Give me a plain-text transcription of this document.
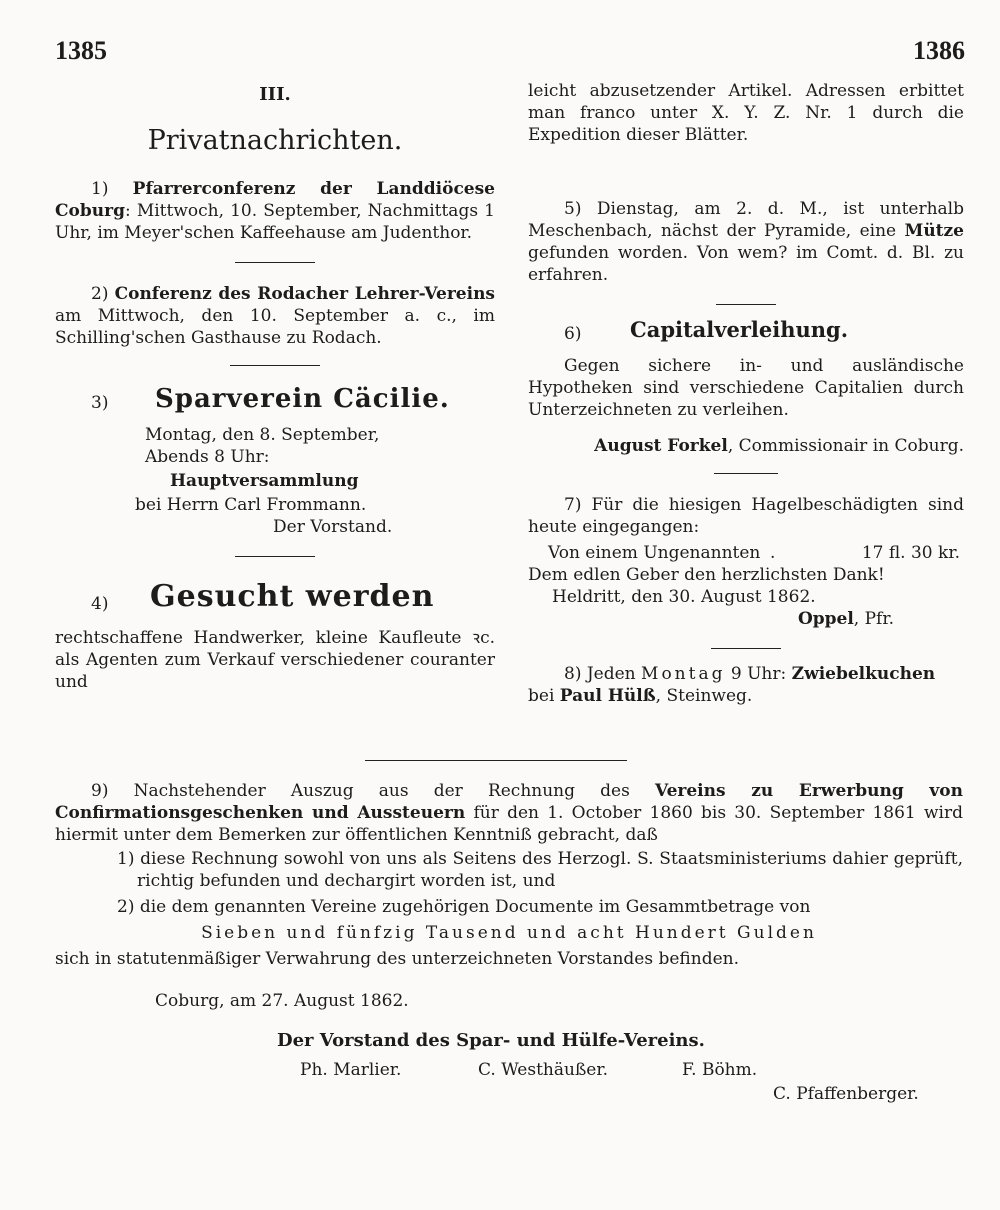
1385	1386

III.

Privatnachrichten.

1) Pfarrerconferenz der Landdiöcese Coburg: Mittwoch, 10. September, Nachmittags 1 Uhr, im Meyer'schen Kaffeehause am Judenthor.

2) Conferenz des Rodacher Lehrer-Vereins am Mittwoch, den 10. September a. c., im Schilling'schen Gasthause zu Rodach.

3) Sparverein Cäcilie.
Montag, den 8. September,
Abends 8 Uhr:
Hauptversammlung
bei Herrn Carl Frommann.
Der Vorstand.
4) Gesucht werden

rechtschaffene Handwerker, kleine Kaufleute ꝛc. als Agenten zum Verkauf verschiedener couranter und

leicht abzusetzender Artikel. Adressen erbittet man franco unter X. Y. Z. Nr. 1 durch die Expedition dieser Blätter.

5) Dienstag, am 2. d. M., ist unterhalb Meschenbach, nächst der Pyramide, eine Mütze gefunden worden. Von wem? im Comt. d. Bl. zu erfahren.

6) Capitalverleihung.

Gegen sichere in- und ausländische Hypotheken sind verschiedene Capitalien durch Unterzeichneten zu verleihen.

August Forkel, Commissionair in Coburg.

7) Für die hiesigen Hagelbeschädigten sind heute eingegangen:

Von einem Ungenannten .	17 fl. 30 kr.

Dem edlen Geber den herzlichsten Dank!

Heldritt, den 30. August 1862.

Oppel, Pfr.

8) Jeden Montag 9 Uhr: Zwiebelkuchen

bei Paul Hülß, Steinweg.

9) Nachstehender Auszug aus der Rechnung des Vereins zu Erwerbung von Confirmationsgeschenken und Aussteuern für den 1. October 1860 bis 30. September 1861 wird hiermit unter dem Bemerken zur öffentlichen Kenntniß gebracht, daß

1) diese Rechnung sowohl von uns als Seitens des Herzogl. S. Staatsministeriums dahier geprüft, richtig befunden und dechargirt worden ist, und

2) die dem genannten Vereine zugehörigen Documente im Gesammtbetrage von

Sieben und fünfzig Tausend und acht Hundert Gulden

sich in statutenmäßiger Verwahrung des unterzeichneten Vorstandes befinden.

Coburg, am 27. August 1862.

Der Vorstand des Spar- und Hülfe-Vereins.

Ph. Marlier.	C. Westhäußer.	F. Böhm.
C. Pfaffenberger.
